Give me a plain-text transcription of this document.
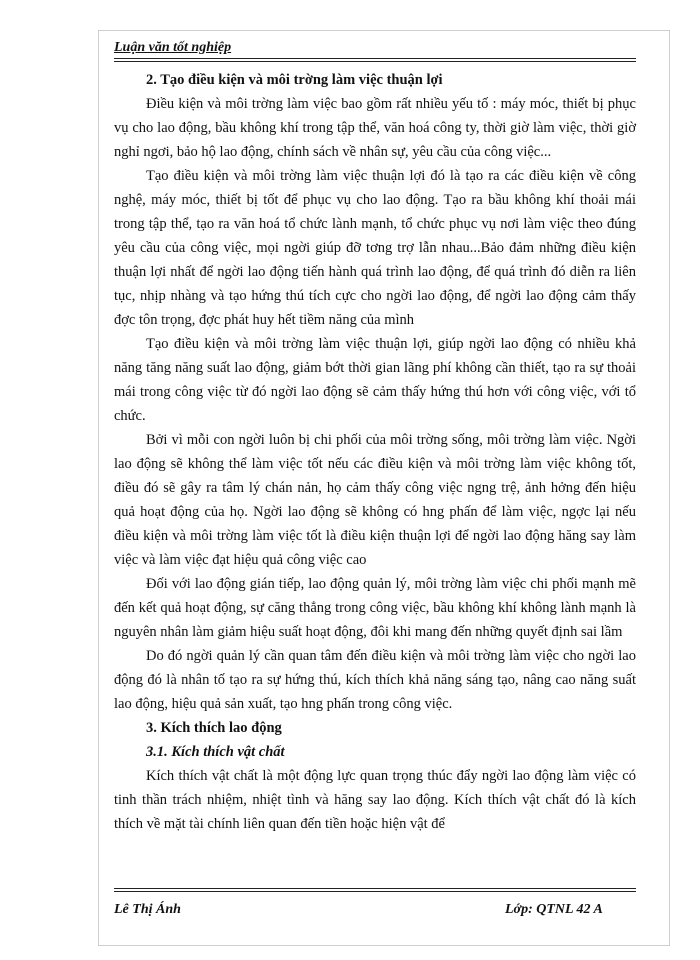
Luận văn tốt nghiệp
2. Tạo điều kiện và môi trờng làm việc thuận lợi

Điều kiện và môi trờng làm việc bao gồm rất nhiều yếu tố : máy móc, thiết bị phục vụ cho lao động, bầu không khí trong tập thể, văn hoá công ty, thời giờ làm việc, thời giờ nghỉ ngơi, bảo hộ lao động, chính sách về nhân sự, yêu cầu của công việc...

Tạo điều kiện và môi trờng làm việc thuận lợi đó là tạo ra các điều kiện về công nghệ, máy móc, thiết bị tốt để phục vụ cho lao động. Tạo ra bầu không khí thoải mái trong tập thể, tạo ra văn hoá tổ chức lành mạnh, tổ chức phục vụ nơi làm việc theo đúng yêu cầu của công việc, mọi ngời giúp đỡ tơng trợ lẫn nhau...Bảo đảm những điều kiện thuận lợi nhất để ngời lao động tiến hành quá trình lao động, để quá trình đó diễn ra liên tục, nhịp nhàng và tạo hứng thú tích cực cho ngời lao động, để ngời lao động cảm thấy đợc tôn trọng, đợc phát huy hết tiềm năng của mình

Tạo điều kiện và môi trờng làm việc thuận lợi, giúp ngời lao động có nhiều khả năng tăng năng suất lao động, giảm bớt thời gian lãng phí không cần thiết, tạo ra sự thoải mái trong công việc từ đó ngời lao động sẽ cảm thấy hứng thú hơn với công việc, với tổ chức.

Bởi vì mỗi con ngời luôn bị chi phối của môi trờng sống, môi trờng làm việc. Ngời lao động sẽ không thể làm việc tốt nếu các điều kiện và môi trờng làm việc không tốt, điều đó sẽ gây ra tâm lý chán nản, họ cảm thấy công việc ngng trệ, ảnh hởng đến hiệu quả hoạt động của họ. Ngời lao động sẽ không có hng phấn để làm việc, ngợc lại nếu điều kiện và môi trờng làm việc tốt là điều kiện thuận lợi để ngời lao động hăng say làm việc và làm việc đạt hiệu quả công việc cao

Đối với lao động gián tiếp, lao động quản lý, môi trờng làm việc chi phối mạnh mẽ đến kết quả hoạt động, sự căng thẳng trong công việc, bầu không khí không lành mạnh là nguyên nhân làm giảm hiệu suất hoạt động, đôi khi mang đến những quyết định sai lầm

Do đó ngời quản lý cần quan tâm đến điều kiện và môi trờng làm việc cho ngời lao động đó là nhân tố tạo ra sự hứng thú, kích thích khả năng sáng tạo, nâng cao năng suất lao động, hiệu quả sản xuất, tạo hng phấn trong công việc.

3. Kích thích lao động
3.1. Kích thích vật chất

Kích thích vật chất là một động lực quan trọng thúc đẩy ngời lao động làm việc có tinh thần trách nhiệm, nhiệt tình và hăng say lao động. Kích thích vật chất đó là kích thích về mặt tài chính liên quan đến tiền hoặc hiện vật để

Lê Thị Ánh	Lớp: QTNL 42 A
